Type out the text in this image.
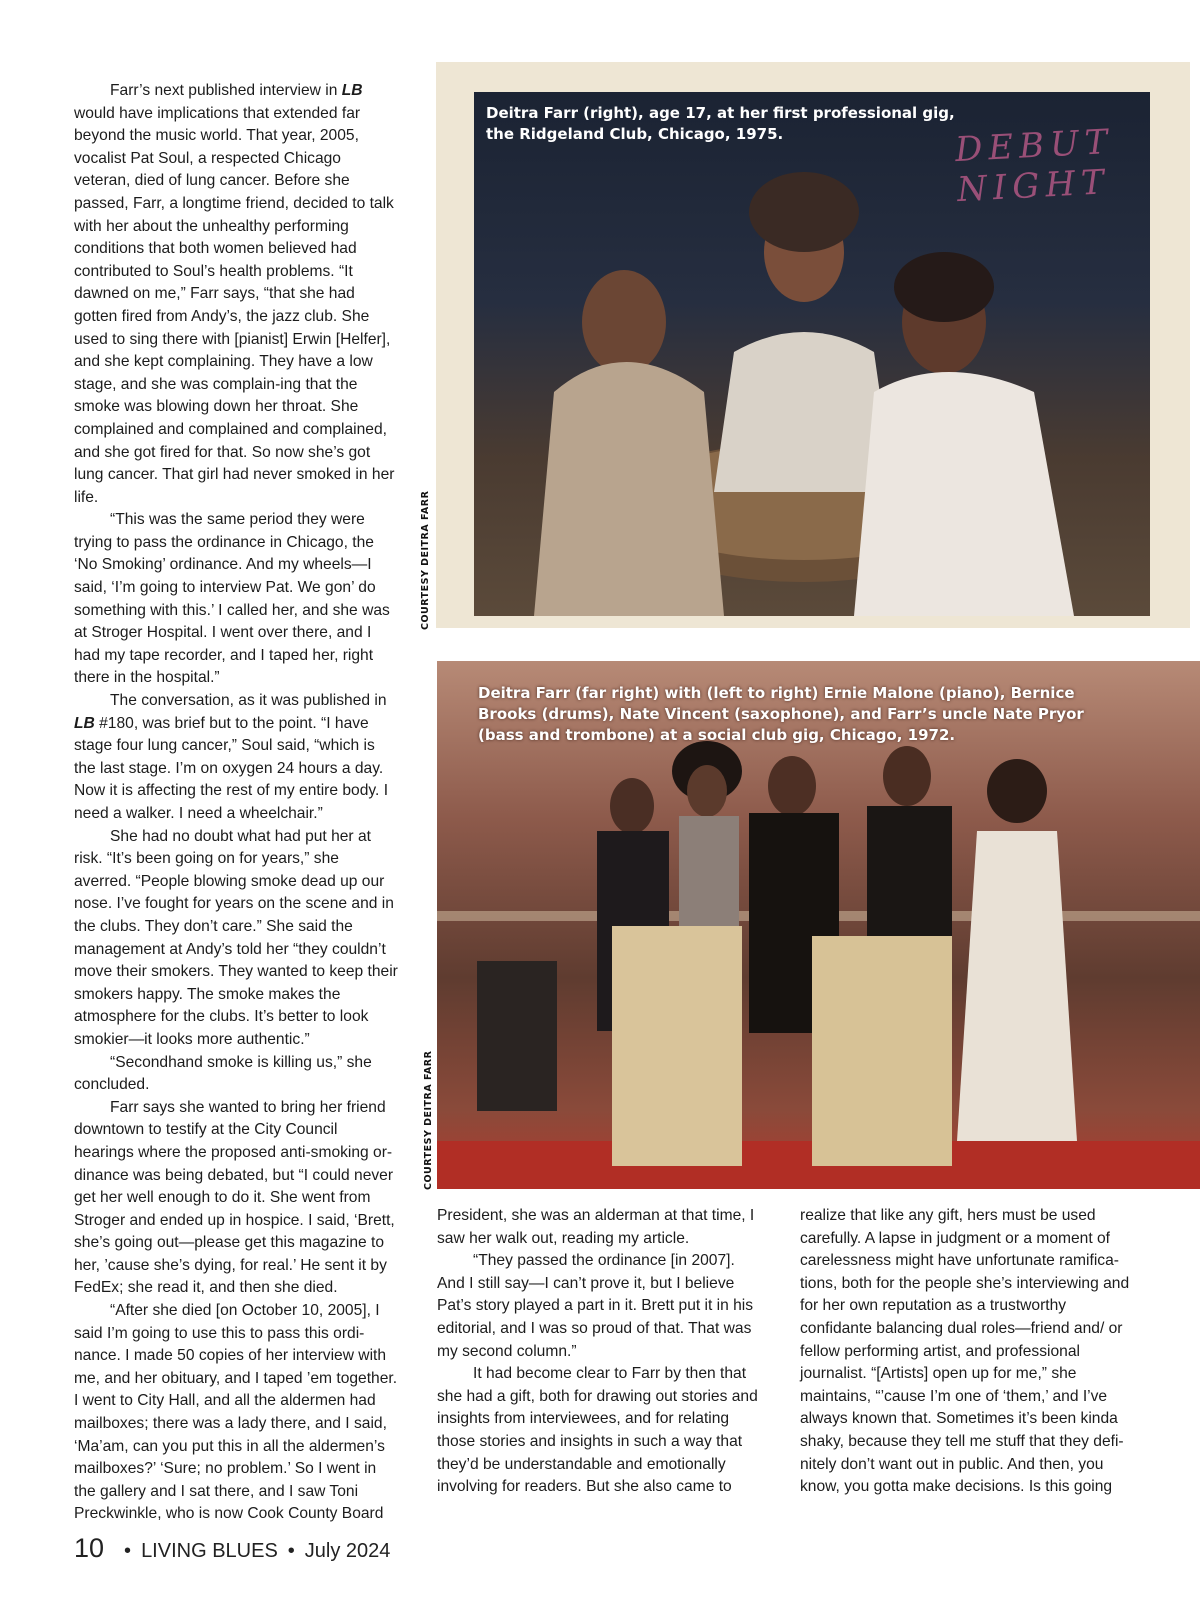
Farr’s next published interview in LB would have implications that extended far beyond the music world. That year, 2005, vocalist Pat Soul, a respected Chicago veteran, died of lung cancer. Before she passed, Farr, a longtime friend, decided to talk with her about the unhealthy performing conditions that both women believed had contributed to Soul’s health problems. “It dawned on me,” Farr says, “that she had gotten fired from Andy’s, the jazz club. She used to sing there with [pianist] Erwin [Helfer], and she kept complaining. They have a low stage, and she was complain-ing that the smoke was blowing down her throat. She complained and complained and complained, and she got fired for that. So now she’s got lung cancer. That girl had never smoked in her life.

“This was the same period they were trying to pass the ordinance in Chicago, the ‘No Smoking’ ordinance. And my wheels—I said, ‘I’m going to interview Pat. We gon’ do something with this.’ I called her, and she was at Stroger Hospital. I went over there, and I had my tape recorder, and I taped her, right there in the hospital.”

The conversation, as it was published in LB #180, was brief but to the point. “I have stage four lung cancer,” Soul said, “which is the last stage. I’m on oxygen 24 hours a day. Now it is affecting the rest of my entire body. I need a walker. I need a wheelchair.”

She had no doubt what had put her at risk. “It’s been going on for years,” she averred. “People blowing smoke dead up our nose. I’ve fought for years on the scene and in the clubs. They don’t care.” She said the management at Andy’s told her “they couldn’t move their smokers. They wanted to keep their smokers happy. The smoke makes the atmosphere for the clubs. It’s better to look smokier—it looks more authentic.”

“Secondhand smoke is killing us,” she concluded.

Farr says she wanted to bring her friend downtown to testify at the City Council hearings where the proposed anti-smoking or-dinance was being debated, but “I could never get her well enough to do it. She went from Stroger and ended up in hospice. I said, ‘Brett, she’s going out—please get this magazine to her, ’cause she’s dying, for real.’ He sent it by FedEx; she read it, and then she died.

“After she died [on October 10, 2005], I said I’m going to use this to pass this ordi-nance. I made 50 copies of her interview with me, and her obituary, and I taped ’em together. I went to City Hall, and all the aldermen had mailboxes; there was a lady there, and I said, ‘Ma’am, can you put this in all the aldermen’s mailboxes?’ ‘Sure; no problem.’ So I went in the gallery and I sat there, and I saw Toni Preckwinkle, who is now Cook County Board

DEBUT NIGHT
Deitra Farr (right), age 17, at her first professional gig, the Ridgeland Club, Chicago, 1975.
COURTESY DEITRA FARR
Deitra Farr (far right) with (left to right) Ernie Malone (piano), Bernice Brooks (drums), Nate Vincent (saxophone), and Farr’s uncle Nate Pryor (bass and trombone) at a social club gig, Chicago, 1972.
COURTESY DEITRA FARR

President, she was an alderman at that time, I saw her walk out, reading my article.

“They passed the ordinance [in 2007]. And I still say—I can’t prove it, but I believe Pat’s story played a part in it. Brett put it in his editorial, and I was so proud of that. That was my second column.”

It had become clear to Farr by then that she had a gift, both for drawing out stories and insights from interviewees, and for relating those stories and insights in such a way that they’d be understandable and emotionally involving for readers. But she also came to

realize that like any gift, hers must be used carefully. A lapse in judgment or a moment of carelessness might have unfortunate ramifica-tions, both for the people she’s interviewing and for her own reputation as a trustworthy confidante balancing dual roles—friend and/ or fellow performing artist, and professional journalist. “[Artists] open up for me,” she maintains, “’cause I’m one of ‘them,’ and I’ve always known that. Sometimes it’s been kinda shaky, because they tell me stuff that they defi-nitely don’t want out in public. And then, you know, you gotta make decisions. Is this going

10 • LIVING BLUES • July 2024
